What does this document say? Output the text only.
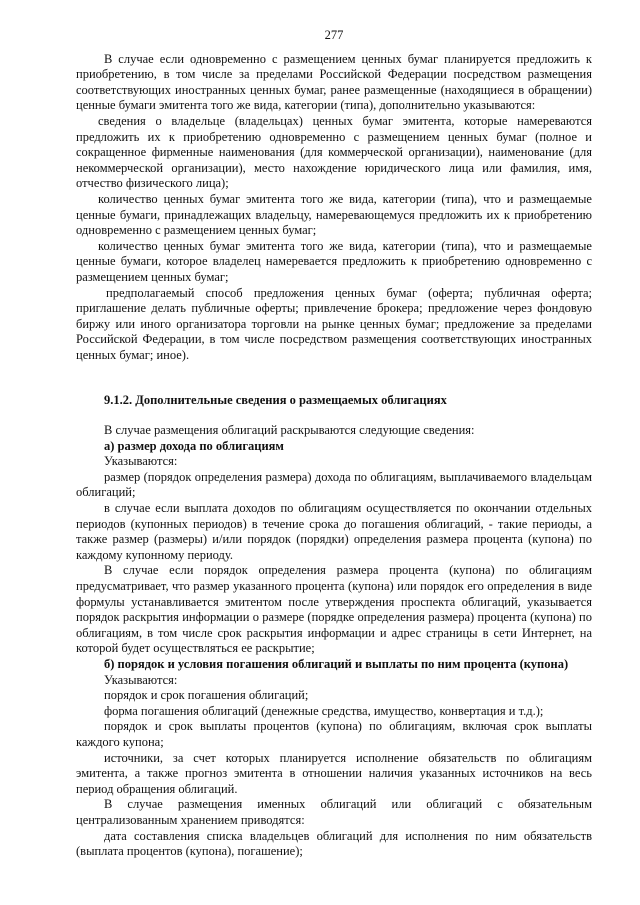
277

В случае если одновременно с размещением ценных бумаг планируется предложить к приобретению, в том числе за пределами Российской Федерации посредством размещения соответствующих иностранных ценных бумаг, ранее размещенные (находящиеся в обращении) ценные бумаги эмитента того же вида, категории (типа), дополнительно указываются:

сведения о владельце (владельцах) ценных бумаг эмитента, которые намереваются предложить их к приобретению одновременно с размещением ценных бумаг (полное и сокращенное фирменные наименования (для коммерческой организации), наименование (для некоммерческой организации), место нахождение юридического лица или фамилия, имя, отчество физического лица);

количество ценных бумаг эмитента того же вида, категории (типа), что и размещаемые ценные бумаги, принадлежащих владельцу, намеревающемуся предложить их к приобретению одновременно с размещением ценных бумаг;

количество ценных бумаг эмитента того же вида, категории (типа), что и размещаемые ценные бумаги, которое владелец намеревается предложить к приобретению одновременно с размещением ценных бумаг;

предполагаемый способ предложения ценных бумаг (оферта; публичная оферта; приглашение делать публичные оферты; привлечение брокера; предложение через фондовую биржу или иного организатора торговли на рынке ценных бумаг; предложение за пределами Российской Федерации, в том числе посредством размещения соответствующих иностранных ценных бумаг; иное).

9.1.2. Дополнительные сведения о размещаемых облигациях

В случае размещения облигаций раскрываются следующие сведения:

а) размер дохода по облигациям

Указываются:

размер (порядок определения размера) дохода по облигациям, выплачиваемого владельцам облигаций;

в случае если выплата доходов по облигациям осуществляется по окончании отдельных периодов (купонных периодов) в течение срока до погашения облигаций, - такие периоды, а также размер (размеры) и/или порядок (порядки) определения размера процента (купона) по каждому купонному периоду.

В случае если порядок определения размера процента (купона) по облигациям предусматривает, что размер указанного процента (купона) или порядок его определения в виде формулы устанавливается эмитентом после утверждения проспекта облигаций, указывается порядок раскрытия информации о размере (порядке определения размера) процента (купона) по облигациям, в том числе срок раскрытия информации и адрес страницы в сети Интернет, на которой будет осуществляться ее раскрытие;

б) порядок и условия погашения облигаций и выплаты по ним процента (купона)

Указываются:

порядок и срок погашения облигаций;

форма погашения облигаций (денежные средства, имущество, конвертация и т.д.);

порядок и срок выплаты процентов (купона) по облигациям, включая срок выплаты каждого купона;

источники, за счет которых планируется исполнение обязательств по облигациям эмитента, а также прогноз эмитента в отношении наличия указанных источников на весь период обращения облигаций.

В случае размещения именных облигаций или облигаций с обязательным централизованным хранением приводятся:

дата составления списка владельцев облигаций для исполнения по ним обязательств (выплата процентов (купона), погашение);
